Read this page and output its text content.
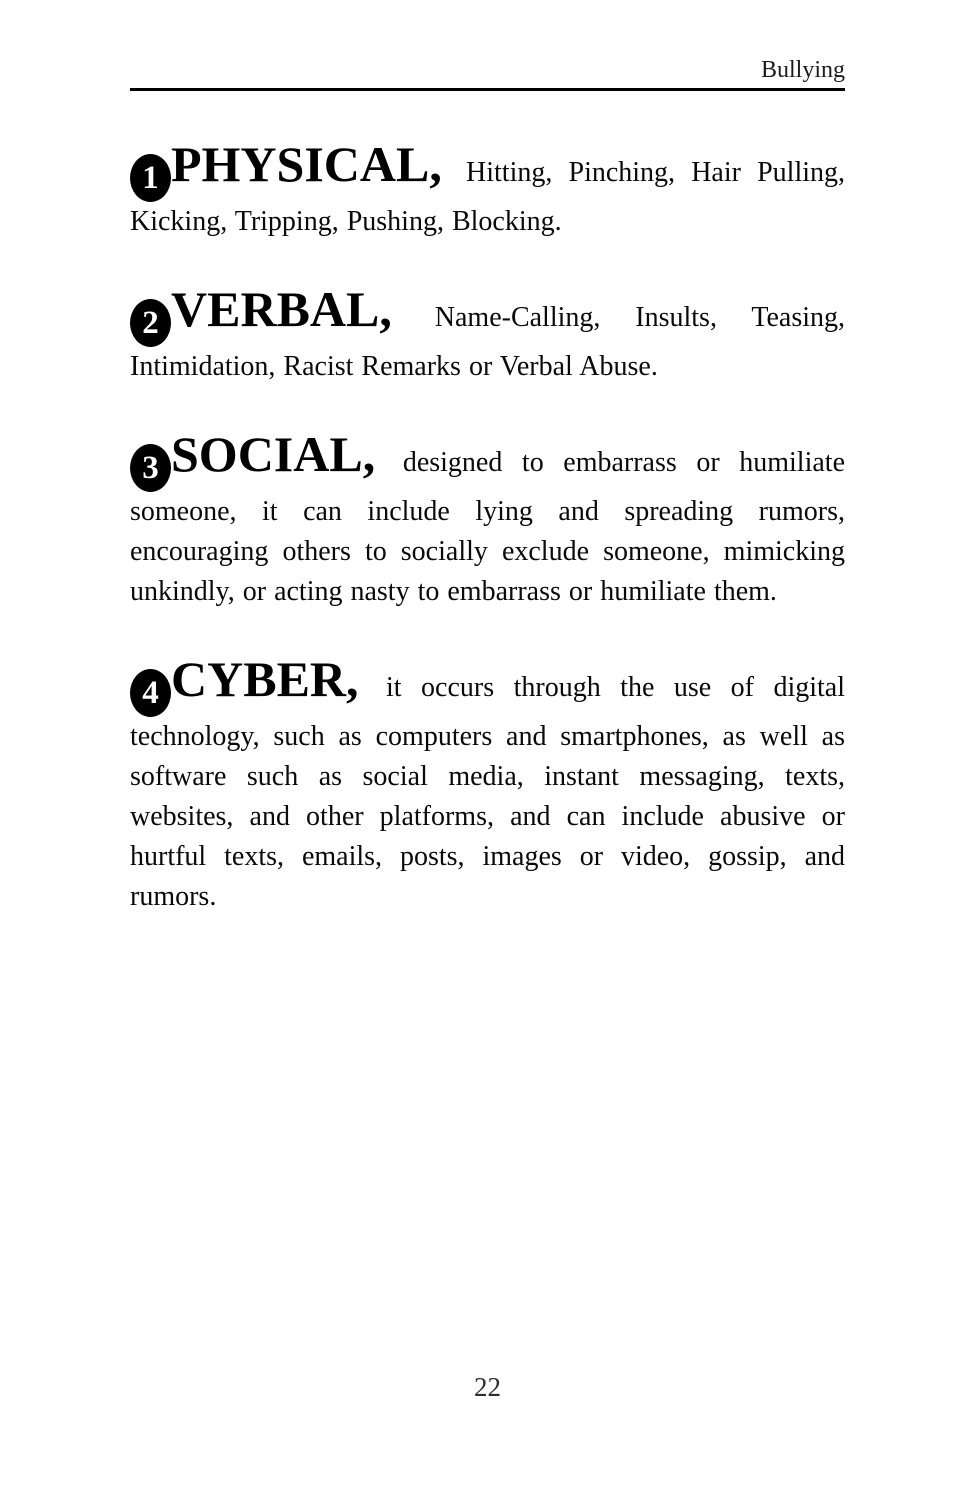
Bullying

1 PHYSICAL, Hitting, Pinching, Hair Pulling, Kicking, Tripping, Pushing, Blocking.

2 VERBAL, Name-Calling, Insults, Teasing, Intimidation, Racist Remarks or Verbal Abuse.

3 SOCIAL, designed to embarrass or humiliate someone, it can include lying and spreading rumors, encouraging others to socially exclude someone, mimicking unkindly, or acting nasty to embarrass or humiliate them.

4 CYBER, it occurs through the use of digital technology, such as computers and smartphones, as well as software such as social media, instant messaging, texts, websites, and other platforms, and can include abusive or hurtful texts, emails, posts, images or video, gossip, and rumors.

22
